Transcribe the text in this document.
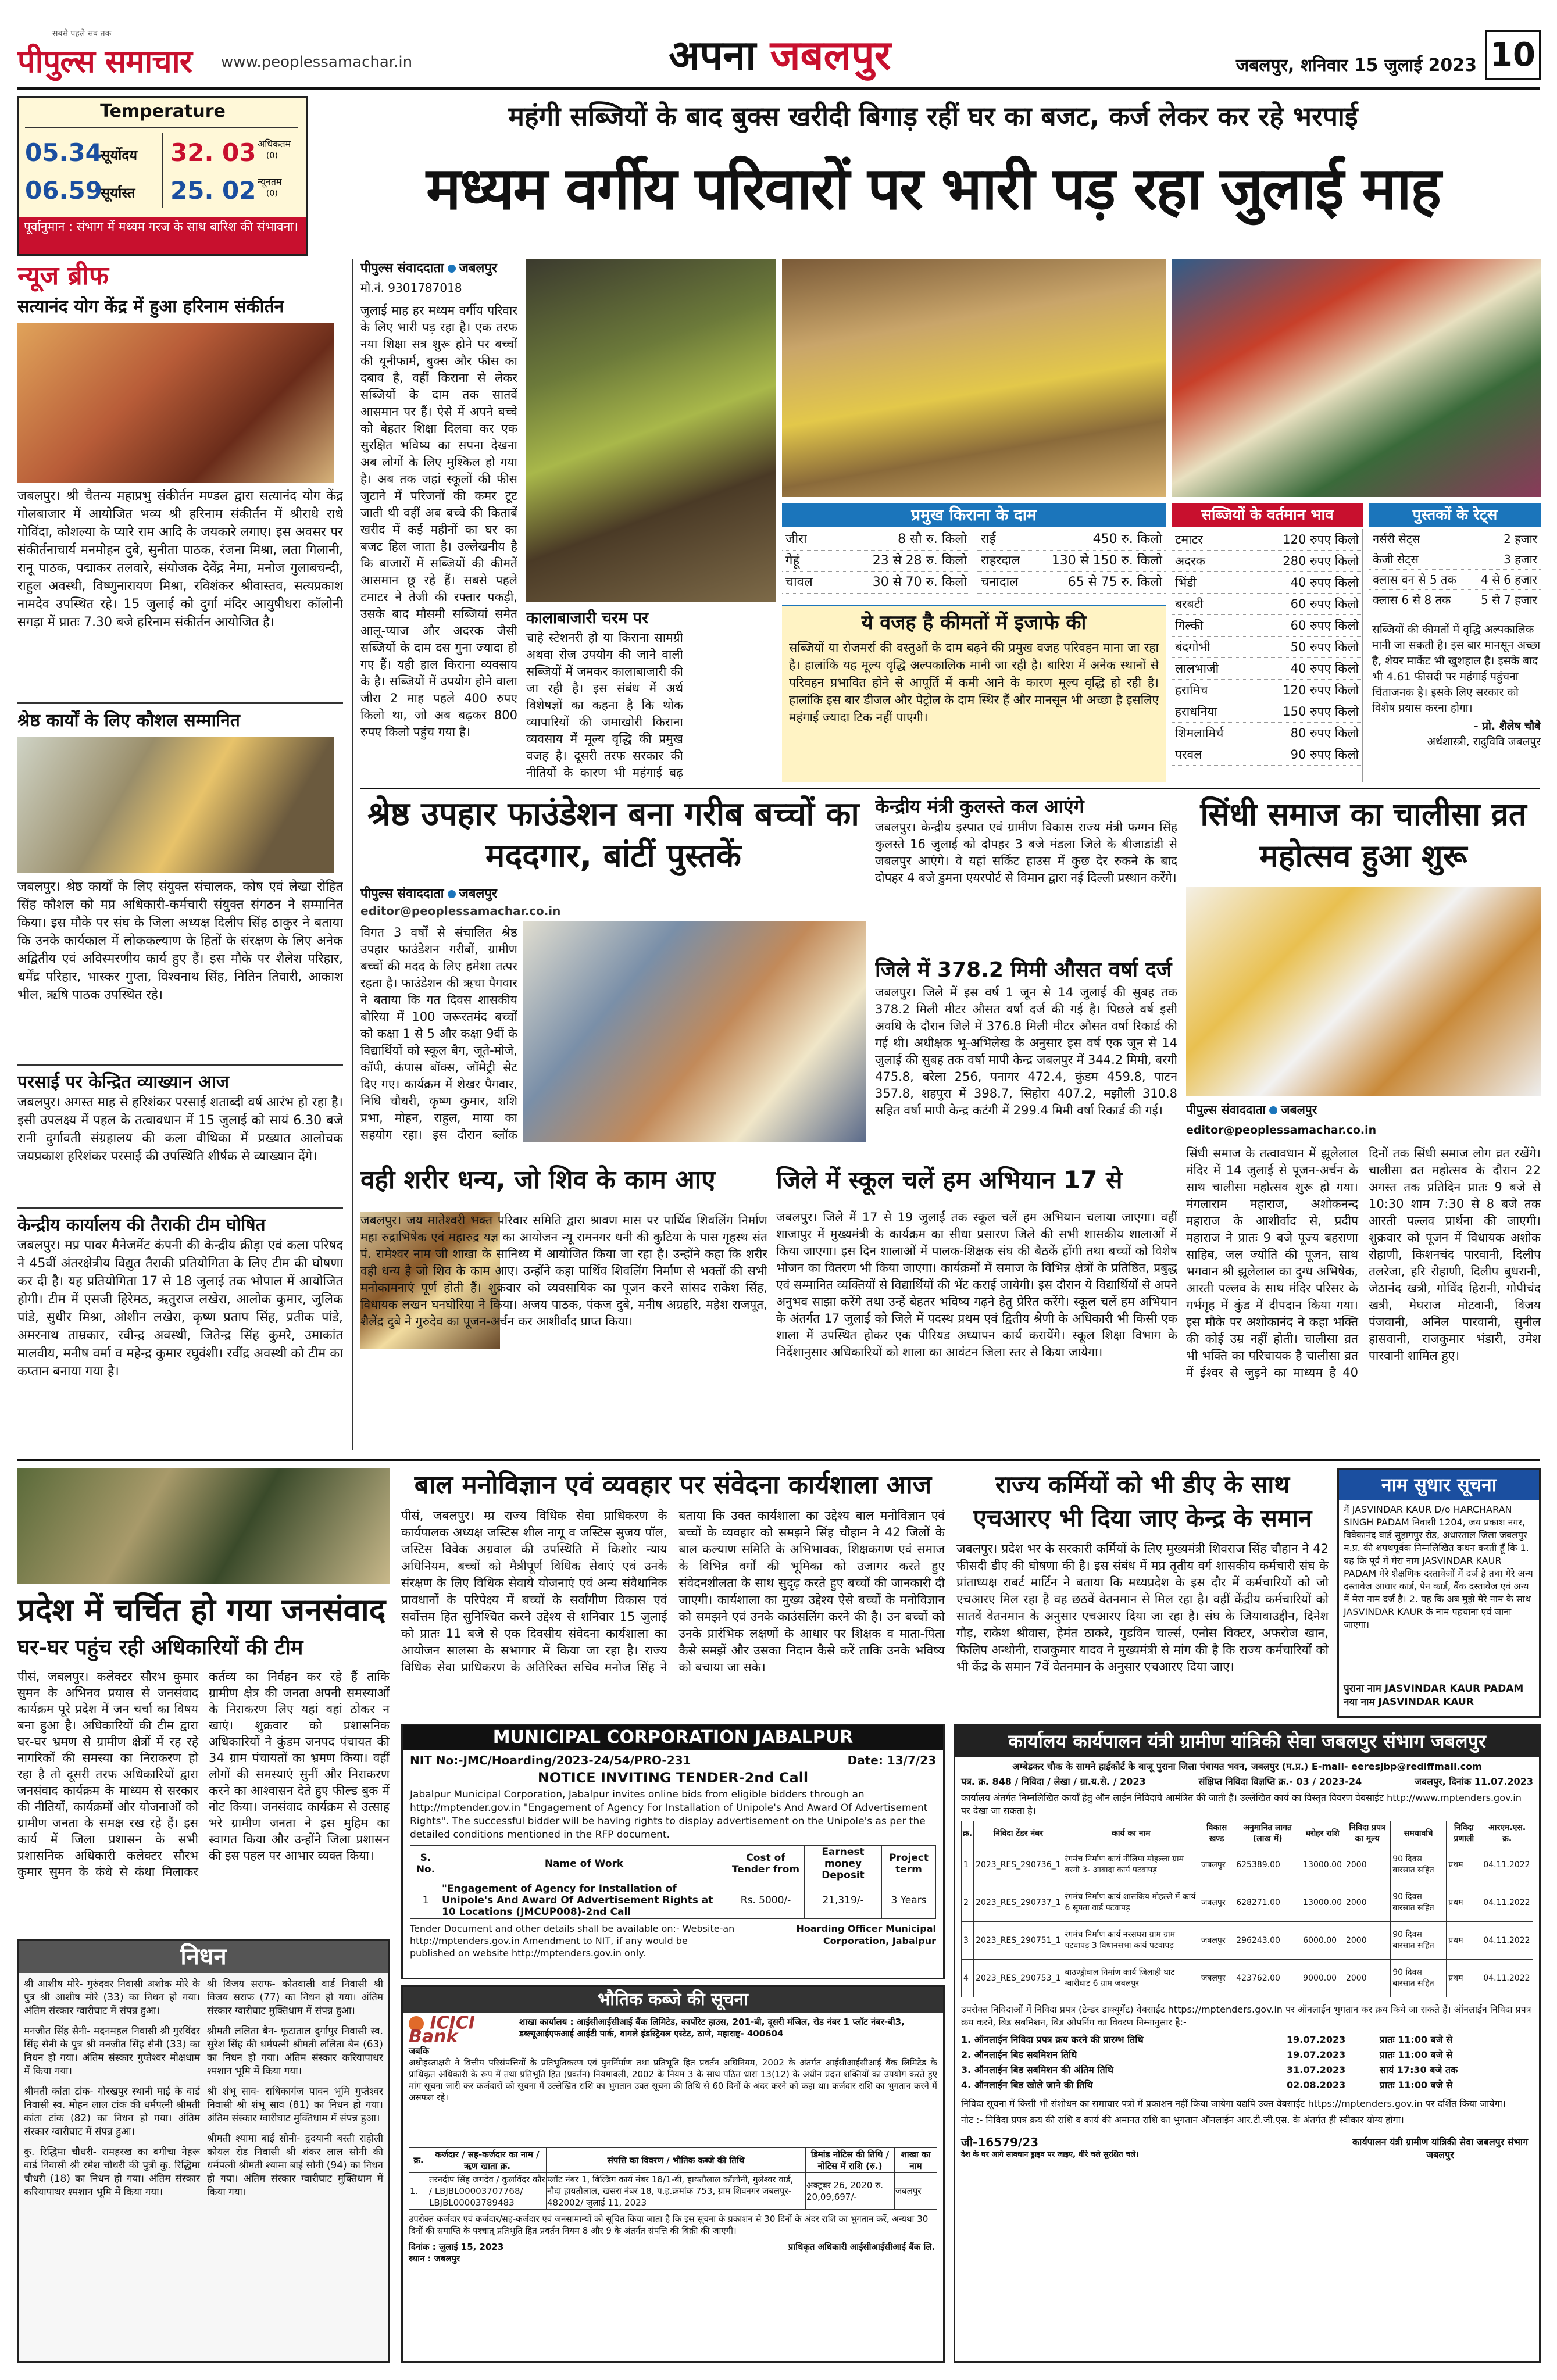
सबसे पहले सब तक
पीपुल्स समाचार www.peoplessamachar.in	अपना जबलपुर	जबलपुर, शनिवार 15 जुलाई 2023 10
Temperature
05.34
सूर्योदय
06.59
सूर्यास्त
32. 03 अधिकतम
(0)
25. 02 न्यूनतम
(0)
पूर्वानुमान : संभाग में मध्यम गरज के साथ बारिश की संभावना।
महंगी सब्जियों के बाद बुक्स खरीदी बिगाड़ रहीं घर का बजट, कर्ज लेकर कर रहे भरपाई
मध्यम वर्गीय परिवारों पर भारी पड़ रहा जुलाई माह
न्यूज ब्रीफ
सत्यानंद योग केंद्र में हुआ हरिनाम संकीर्तन
जबलपुर। श्री चैतन्य महाप्रभु संकीर्तन मण्डल द्वारा सत्यानंद योग केंद्र गोलबाजार में आयोजित भव्य श्री हरिनाम संकीर्तन में श्रीराधे राधे गोविंदा, कोशल्या के प्यारे राम आदि के जयकारे लगाए। इस अवसर पर संकीर्तनाचार्य मनमोहन दुबे, सुनीता पाठक, रंजना मिश्रा, लता गिलानी, रानू पाठक, पद्माकर तलवारे, संयोजक देवेंद्र नेमा, मनोज गुलाबचन्दी, राहुल अवस्थी, विष्णुनारायण मिश्रा, रविशंकर श्रीवास्तव, सत्यप्रकाश नामदेव उपस्थित रहे। 15 जुलाई को दुर्गा मंदिर आयुषीधरा कॉलोनी सगड़ा में प्रातः 7.30 बजे हरिनाम संकीर्तन आयोजित है।
श्रेष्ठ कार्यों के लिए कौशल सम्मानित
जबलपुर। श्रेष्ठ कार्यों के लिए संयुक्त संचालक, कोष एवं लेखा रोहित सिंह कौशल को मप्र अधिकारी-कर्मचारी संयुक्त संगठन ने सम्मानित किया। इस मौके पर संघ के जिला अध्यक्ष दिलीप सिंह ठाकुर ने बताया कि उनके कार्यकाल में लोककल्याण के हितों के संरक्षण के लिए अनेक अद्वितीय एवं अविस्मरणीय कार्य हुए हैं। इस मौके पर शैलेश परिहार, धर्मेंद्र परिहार, भास्कर गुप्ता, विश्वनाथ सिंह, नितिन तिवारी, आकाश भील, ऋषि पाठक उपस्थित रहे।
परसाई पर केन्द्रित व्याख्यान आज
जबलपुर। अगस्त माह से हरिशंकर परसाई शताब्दी वर्ष आरंभ हो रहा है। इसी उपलक्ष्य में पहल के तत्वावधान में 15 जुलाई को सायं 6.30 बजे रानी दुर्गावती संग्रहालय की कला वीथिका में प्रख्यात आलोचक जयप्रकाश हरिशंकर परसाई की उपस्थिति शीर्षक से व्याख्यान देंगे।
केन्द्रीय कार्यालय की तैराकी टीम घोषित
जबलपुर। मप्र पावर मैनेजमेंट कंपनी की केन्द्रीय क्रीड़ा एवं कला परिषद ने 45वीं अंतरक्षेत्रीय विद्युत तैराकी प्रतियोगिता के लिए टीम की घोषणा कर दी है। यह प्रतियोगिता 17 से 18 जुलाई तक भोपाल में आयोजित होगी। टीम में एसजी हिरेमठ, ऋतुराज लखेरा, आलोक कुमार, जुलिक पांडे, सुधीर मिश्रा, ओशीन लखेरा, कृष्ण प्रताप सिंह, प्रतीक पांडे, अमरनाथ ताम्रकार, रवीन्द्र अवस्थी, जितेन्द्र सिंह कुमरे, उमाकांत मालवीय, मनीष वर्मा व महेन्द्र कुमार रघुवंशी। रवींद्र अवस्थी को टीम का कप्तान बनाया गया है।
पीपुल्स संवाददाता जबलपुर
मो.नं. 9301787018
जुलाई माह हर मध्यम वर्गीय परिवार के लिए भारी पड़ रहा है। एक तरफ नया शिक्षा सत्र शुरू होने पर बच्चों की यूनीफार्म, बुक्स और फीस का दबाव है, वहीं किराना से लेकर सब्जियों के दाम तक सातवें आसमान पर हैं। ऐसे में अपने बच्चे को बेहतर शिक्षा दिलवा कर एक सुरक्षित भविष्य का सपना देखना अब लोगों के लिए मुश्किल हो गया है। अब तक जहां स्कूलों की फीस जुटाने में परिजनों की कमर टूट जाती थी वहीं अब बच्चे की किताबें खरीद में कई महीनों का घर का बजट हिल जाता है। उल्लेखनीय है कि बाजारों में सब्जियों की कीमतें आसमान छू रहे हैं। सबसे पहले टमाटर ने तेजी की रफ्तार पकड़ी, उसके बाद मौसमी सब्जियां समेत आलू-प्याज और अदरक जैसी सब्जियों के दाम दस गुना ज्यादा हो गए हैं। यही हाल किराना व्यवसाय के है। सब्जियों में उपयोग होने वाला जीरा 2 माह पहले 400 रुपए किलो था, जो अब बढ़कर 800 रुपए किलो पहुंच गया है।
कालाबाजारी चरम पर
चाहे स्टेशनरी हो या किराना सामग्री अथवा रोज उपयोग की जाने वाली सब्जियों में जमकर कालाबाजारी की जा रही है। इस संबंध में अर्थ विशेषज्ञों का कहना है कि थोक व्यापारियों की जमाखोरी किराना व्यवसाय में मूल्य वृद्धि की प्रमुख वजह है। दूसरी तरफ सरकार की नीतियों के कारण भी महंगाई बढ़
प्रमुख किराना के दाम
जीरा	8 सौ रु. किलो
गेहूं	23 से 28 रु. किलो
चावल	30 से 70 रु. किलो
राई	450 रु. किलो
राहरदाल 130 से 150 रु. किलो
चनादाल	65 से 75 रु. किलो
सब्जियों के वर्तमान भाव
टमाटर	120 रुपए किलो
अदरक	280 रुपए किलो
भिंडी	40 रुपए किलो
बरबटी	60 रुपए किलो
गिल्की	60 रुपए किलो
बंदगोभी	50 रुपए किलो
लालभाजी	40 रुपए किलो
हरामिच	120 रुपए किलो
हराधनिया	150 रुपए किलो
शिमलामिर्च	80 रुपए किलो
परवल	90 रुपए किलो
पुस्तकों के रेट्स
नर्सरी सेट्स	2 हजार
केजी सेट्स	3 हजार
क्लास वन से 5 तक 4 से 6 हजार
क्लास 6 से 8 तक	5 से 7 हजार
सब्जियों की कीमतों में वृद्धि अल्पकालिक मानी जा सकती है। इस बार मानसून अच्छा है, शेयर मार्केट भी खुशहाल है। इसके बाद भी 4.61 फीसदी पर महंगाई पहुंचना चिंताजनक है। इसके लिए सरकार को विशेष प्रयास करना होगा।
- प्रो. शैलेष चौबे
अर्थशास्त्री, रादुविवि जबलपुर
ये वजह है कीमतों में इजाफे की
सब्जियों या रोजमर्रा की वस्तुओं के दाम बढ़ने की प्रमुख वजह परिवहन माना जा रहा है। हालांकि यह मूल्य वृद्धि अल्पकालिक मानी जा रही है। बारिश में अनेक स्थानों से परिवहन प्रभावित होने से आपूर्ति में कमी आने के कारण मूल्य वृद्धि हो रही है। हालांकि इस बार डीजल और पेट्रोल के दाम स्थिर हैं और मानसून भी अच्छा है इसलिए महंगाई ज्यादा टिक नहीं पाएगी।
श्रेष्ठ उपहार फाउंडेशन बना गरीब बच्चों का मददगार, बांटीं पुस्तकें
पीपुल्स संवाददाता जबलपुर
editor@peoplessamachar.co.in
विगत 3 वर्षों से संचालित श्रेष्ठ उपहार फाउंडेशन गरीबों, ग्रामीण बच्चों की मदद के लिए हमेशा तत्पर रहता है। फाउंडेशन की ऋचा पैगवार ने बताया कि गत दिवस शासकीय बोरिया में 100 जरूरतमंद बच्चों को कक्षा 1 से 5 और कक्षा 9वीं के विद्यार्थियों को स्कूल बैग, जूते-मोजे, कॉपी, कंपास बॉक्स, जॉमेट्री सेट दिए गए। कार्यक्रम में शेखर पैगवार, निधि चौधरी, कृष्ण कुमार, शशि प्रभा, मोहन, राहुल, माया का सहयोग रहा। इस दौरान ब्लॉक
वही शरीर धन्य, जो शिव के काम आए
जबलपुर। जय मातेश्वरी भक्त परिवार समिति द्वारा श्रावण मास पर पार्थिव शिवलिंग निर्माण महा रुद्राभिषेक एवं महारुद्र यज्ञ का आयोजन न्यू रामनगर धनी की कुटिया के पास गृहस्थ संत पं. रामेश्वर नाम जी शाखा के सानिध्य में आयोजित किया जा रहा है। उन्होंने कहा कि शरीर वही धन्य है जो शिव के काम आए। उन्होंने कहा पार्थिव शिवलिंग निर्माण से भक्तों की सभी मनोकामनाएं पूर्ण होती हैं। शुक्रवार को व्यवसायिक का पूजन करने सांसद राकेश सिंह, विधायक लखन घनघोरिया ने किया। अजय पाठक, पंकज दुबे, मनीष अग्रहरि, महेश राजपूत, शैलेंद्र दुबे ने गुरुदेव का पूजन-अर्चन कर आशीर्वाद प्राप्त किया।
केन्द्रीय मंत्री कुलस्ते कल आएंगे
जबलपुर। केन्द्रीय इस्पात एवं ग्रामीण विकास राज्य मंत्री फग्गन सिंह कुलस्ते 16 जुलाई को दोपहर 3 बजे मंडला जिले के बीजाडांडी से जबलपुर आएंगे। वे यहां सर्किट हाउस में कुछ देर रुकने के बाद दोपहर 4 बजे डुमना एयरपोर्ट से विमान द्वारा नई दिल्ली प्रस्थान करेंगे।
जिले में 378.2 मिमी औसत वर्षा दर्ज
जबलपुर। जिले में इस वर्ष 1 जून से 14 जुलाई की सुबह तक 378.2 मिली मीटर औसत वर्षा दर्ज की गई है। पिछले वर्ष इसी अवधि के दौरान जिले में 376.8 मिली मीटर औसत वर्षा रिकार्ड की गई थी। अधीक्षक भू-अभिलेख के अनुसार इस वर्ष एक जून से 14 जुलाई की सुबह तक वर्षा मापी केन्द्र जबलपुर में 344.2 मिमी, बरगी 475.8, बरेला 256, पनागर 472.4, कुंडम 459.8, पाटन 357.8, शहपुरा में 398.7, सिहोरा 407.2, मझौली 310.8 सहित वर्षा मापी केन्द्र कटंगी में 299.4 मिमी वर्षा रिकार्ड की गई।
जिले में स्कूल चलें हम अभियान 17 से
जबलपुर। जिले में 17 से 19 जुलाई तक स्कूल चलें हम अभियान चलाया जाएगा। वहीं शाजापुर में मुख्यमंत्री के कार्यक्रम का सीधा प्रसारण जिले की सभी शासकीय शालाओं में किया जाएगा। इस दिन शालाओं में पालक-शिक्षक संघ की बैठकें होंगी तथा बच्चों को विशेष भोजन का वितरण भी किया जाएगा। कार्यक्रमों में समाज के विभिन्न क्षेत्रों के प्रतिष्ठित, प्रबुद्ध एवं सम्मानित व्यक्तियों से विद्यार्थियों की भेंट कराई जायेगी। इस दौरान ये विद्यार्थियों से अपने अनुभव साझा करेंगे तथा उन्हें बेहतर भविष्य गढ़ने हेतु प्रेरित करेंगे। स्कूल चलें हम अभियान के अंतर्गत 17 जुलाई को जिले में पदस्थ प्रथम एवं द्वितीय श्रेणी के अधिकारी भी किसी एक शाला में उपस्थित होकर एक पीरियड अध्यापन कार्य करायेंगे। स्कूल शिक्षा विभाग के निर्देशानुसार अधिकारियों को शाला का आवंटन जिला स्तर से किया जायेगा।
सिंधी समाज का चालीसा व्रत महोत्सव हुआ शुरू
पीपुल्स संवाददाता जबलपुर
editor@peoplessamachar.co.in
सिंधी समाज के तत्वावधान में झूलेलाल मंदिर में 14 जुलाई से पूजन-अर्चन के साथ चालीसा महोत्सव शुरू हो गया। मंगलाराम महाराज, अशोकनन्द महाराज के आशीर्वाद से, प्रदीप महाराज ने प्रातः 9 बजे पूज्य बहराणा साहिब, जल ज्योति की पूजन, साथ भगवान श्री झूलेलाल का दुग्ध अभिषेक, आरती पल्लव के साथ मंदिर परिसर के गर्भगृह में कुंड में दीपदान किया गया। इस मौके पर अशोकानंद ने कहा भक्ति की कोई उम्र नहीं होती। चालीसा व्रत भी भक्ति का परिचायक है चालीसा व्रत में ईश्वर से जुड़ने का माध्यम है 40 दिनों तक सिंधी समाज लोग व्रत रखेंगे। चालीसा व्रत महोत्सव के दौरान 22 अगस्त तक प्रतिदिन प्रातः 9 बजे से 10:30 शाम 7:30 से 8 बजे तक आरती पल्लव प्रार्थना की जाएगी। शुक्रवार को पूजन में विधायक अशोक रोहाणी, किशनचंद पारवानी, दिलीप तलरेजा, हरि रोहाणी, दिलीप बुधरानी, जेठानंद खत्री, गोविंद हिरानी, गोपीचंद खत्री, मेघराज मोटवानी, विजय पंजवानी, अनिल पारवानी, सुनील हासवानी, राजकुमार भंडारी, उमेश पारवानी शामिल हुए।
प्रदेश में चर्चित हो गया जनसंवाद
घर-घर पहुंच रही अधिकारियों की टीम
पीसं, जबलपुर। कलेक्टर सौरभ कुमार सुमन के अभिनव प्रयास से जनसंवाद कार्यक्रम पूरे प्रदेश में जन चर्चा का विषय बना हुआ है। अधिकारियों की टीम द्वारा घर-घर भ्रमण से ग्रामीण क्षेत्रों में रह रहे नागरिकों की समस्या का निराकरण हो रहा है तो दूसरी तरफ अधिकारियों द्वारा जनसंवाद कार्यक्रम के माध्यम से सरकार की नीतियों, कार्यक्रमों और योजनाओं को ग्रामीण जनता के समक्ष रख रहे हैं। इस कार्य में जिला प्रशासन के सभी प्रशासनिक अधिकारी कलेक्टर सौरभ कुमार सुमन के कंधे से कंधा मिलाकर कर्तव्य का निर्वहन कर रहे हैं ताकि ग्रामीण क्षेत्र की जनता अपनी समस्याओं के निराकरण लिए यहां वहां ठोकर न खाएं। शुक्रवार को प्रशासनिक अधिकारियों ने कुंडम जनपद पंचायत की 34 ग्राम पंचायतों का भ्रमण किया। वहीं लोगों की समस्याएं सुनीं और निराकरण करने का आश्वासन देते हुए फील्ड बुक में नोट किया। जनसंवाद कार्यक्रम से उत्साह भरे ग्रामीण जनता ने इस मुहिम का स्वागत किया और उन्होंने जिला प्रशासन की इस पहल पर आभार व्यक्त किया।
बाल मनोविज्ञान एवं व्यवहार पर संवेदना कार्यशाला आज
पीसं, जबलपुर। म्प्र राज्य विधिक सेवा प्राधिकरण के कार्यपालक अध्यक्ष जस्टिस शील नागू व जस्टिस सुजय पॉल, जस्टिस विवेक अग्रवाल की उपस्थिति में किशोर न्याय अधिनियम, बच्चों को मैत्रीपूर्ण विधिक सेवाएं एवं उनके संरक्षण के लिए विधिक सेवाये योजनाएं एवं अन्य संवैधानिक प्रावधानों के परिपेक्ष्य में बच्चों के सर्वांगीण विकास एवं सर्वोत्तम हित सुनिश्चित करने उद्देश्य से शनिवार 15 जुलाई को प्रातः 11 बजे से एक दिवसीय संवेदना कार्यशाला का आयोजन सालसा के सभागार में किया जा रहा है। राज्य विधिक सेवा प्राधिकरण के अतिरिक्त सचिव मनोज सिंह ने बताया कि उक्त कार्यशाला का उद्देश्य बाल मनोविज्ञान एवं बच्चों के व्यवहार को समझने सिंह चौहान ने 42 जिलों के बाल कल्याण समिति के अभिभावक, शिक्षकगण एवं समाज के विभिन्न वर्गों की भूमिका को उजागर करते हुए संवेदनशीलता के साथ सुदृढ़ करते हुए बच्चों की जानकारी दी जाएगी। कार्यशाला का मुख्य उद्देश्य ऐसे बच्चों के मनोविज्ञान को समझने एवं उनके काउंसलिंग करने की है। उन बच्चों को उनके प्रारंभिक लक्षणों के आधार पर शिक्षक व माता-पिता कैसे समझें और उसका निदान कैसे करें ताकि उनके भविष्य को बचाया जा सके।
राज्य कर्मियों को भी डीए के साथ एचआरए भी दिया जाए केन्द्र के समान
जबलपुर। प्रदेश भर के सरकारी कर्मियों के लिए मुख्यमंत्री शिवराज सिंह चौहान ने 42 फीसदी डीए की घोषणा की है। इस संबंध में मप्र तृतीय वर्ग शासकीय कर्मचारी संघ के प्रांताध्यक्ष राबर्ट मार्टिन ने बताया कि मध्यप्रदेश के इस दौर में कर्मचारियों को जो एचआरए मिल रहा है वह छठवें वेतनमान से मिल रहा है। वहीं केंद्रीय कर्मचारियों को सातवें वेतनमान के अनुसार एचआरए दिया जा रहा है। संघ के जियावाउद्दीन, दिनेश गौड़, राकेश श्रीवास, हेमंत ठाकरे, गुडविन चार्ल्स, एनोस विक्टर, अफरोज खान, फिलिप अन्थोनी, राजकुमार यादव ने मुख्यमंत्री से मांग की है कि राज्य कर्मचारियों को भी केंद्र के समान 7वें वेतनमान के अनुसार एचआरए दिया जाए।
नाम सुधार सूचना
मैं JASVINDAR KAUR D/o HARCHARAN SINGH PADAM निवासी 1204, जय प्रकाश नगर, विवेकानंद वार्ड सुहागपुर रोड, अधारताल जिला जबलपुर म.प्र. की शपथपूर्वक निम्नलिखित कथन करती हूँ कि 1. यह कि पूर्व में मेरा नाम JASVINDAR KAUR PADAM मेरे शैक्षणिक दस्तावेजों में दर्ज है तथा मेरे अन्य दस्तावेज आधार कार्ड, पेन कार्ड, बैंक दस्तावेज एवं अन्य में मेरा नाम दर्ज है। 2. यह कि अब मुझे मेरे नाम के साथ JASVINDAR KAUR के नाम पहचाना एवं जाना जाएगा।
पुराना नाम JASVINDAR KAUR PADAM
नया नाम JASVINDAR KAUR
MUNICIPAL CORPORATION JABALPUR
NIT No:-JMC/Hoarding/2023-24/54/PRO-231	Date: 13/7/23
NOTICE INVITING TENDER-2nd Call
Jabalpur Municipal Corporation, Jabalpur invites online bids from eligible bidders through an http://mptender.gov.in "Engagement of Agency For Installation of Unipole's And Award Of Advertisement Rights". The successful bidder will be having rights to display advertisement on the Unipole's as per the detailed conditions mentioned in the RFP document.
S. No.	Name of Work	Cost of Tender from	Earnest money Deposit	Project term
1	"Engagement of Agency for Installation of Unipole's And Award Of Advertisement Rights at 10 Locations (JMCUP008)-2nd Call	Rs. 5000/-	21,319/-	3 Years
Tender Document and other details shall be available on:- Website-an http://mptenders.gov.in Amendment to NIT, if any would be published on website http://mptenders.gov.in only.
Hoarding Officer Municipal Corporation, Jabalpur
भौतिक कब्जे की सूचना
ICICI Bank
शाखा कार्यालय : आईसीआईसीआई बैंक लिमिटेड, कार्पोरेट हाउस, 201-बी, दूसरी मंजिल, रोड नंबर 1 प्लॉट नंबर-बी3, डब्ल्यूआईएफआई आईटी पार्क, वागले इंडस्ट्रियल एस्टेट, ठाणे, महाराष्ट्र- 400604
जबकि
अधोहस्ताक्षरी ने वित्तीय परिसंपत्तियों के प्रतिभूतिकरण एवं पुनर्निर्माण तथा प्रतिभूति हित प्रवर्तन अधिनियम, 2002 के अंतर्गत आईसीआईसीआई बैंक लिमिटेड के प्राधिकृत अधिकारी के रूप में तथा प्रतिभूति हित (प्रवर्तन) नियमावली, 2002 के नियम 3 के साथ पठित धारा 13(12) के अधीन प्रदत्त शक्तियों का उपयोग करते हुए मांग सूचना जारी कर कर्जदारों को सूचना में उल्लेखित राशि का भुगतान उक्त सूचना की तिथि से 60 दिनों के अंदर करने को कहा था। कर्जदार राशि का भुगतान करने में असफल रहे।
क्र.	कर्जदार / सह-कर्जदार का नाम / ऋण खाता क्र.	संपत्ति का विवरण / भौतिक कब्जे की तिथि	डिमांड नोटिस की तिथि / नोटिस में राशि (रु.)	शाखा का नाम
1.	तरनदीप सिंह जगदेव / कुलविंदर कौर / LBJBL00003707768/ LBJBL00003789483	प्लॉट नंबर 1, बिल्डिंग कार्य नंबर 18/1-बी, हायतौलाल कॉलोनी, गुलेश्वर वार्ड, नौदा हायतौलाल, खसरा नंबर 18, प.ह.क्रमांक 753, ग्राम शिवनगर जबलपुर- 482002/ जुलाई 11, 2023	अक्टूबर 26, 2020 रु. 20,09,697/-	जबलपुर
उपरोक्त कर्जदार एवं कर्जदार/सह-कर्जदार एवं जनसामान्यों को सूचित किया जाता है कि इस सूचना के प्रकाशन से 30 दिनों के अंदर राशि का भुगतान करें, अन्यथा 30 दिनों की समाप्ति के पश्चात् प्रतिभूति हित प्रवर्तन नियम 8 और 9 के अंतर्गत संपत्ति की बिक्री की जाएगी।
दिनांक : जुलाई 15, 2023
स्थान : जबलपुर
प्राधिकृत अधिकारी आईसीआईसीआई बैंक लि.
निधन
श्री आशीष मोरे- गुरुंदवर निवासी अशोक मोरे के पुत्र श्री आशीष मोरे (33) का निधन हो गया। अंतिम संस्कार ग्वारीघाट में संपन्न हुआ।
मनजीत सिंह सैनी- मदनमहल निवासी श्री गुरविंदर सिंह सैनी के पुत्र श्री मनजीत सिंह सैनी (33) का निधन हो गया। अंतिम संस्कार गुप्तेश्वर मोक्षधाम में किया गया।
श्रीमती कांता टांक- गोरखपुर स्थानी माई के वार्ड निवासी स्व. मोहन लाल टांक की धर्मपत्नी श्रीमती कांता टांक (82) का निधन हो गया। अंतिम संस्कार ग्वारीघाट में संपन्न हुआ।
कु. रिद्धिमा चौधरी- रामहरख का बगीचा नेहरू वार्ड निवासी श्री रमेश चौधरी की पुत्री कु. रिद्धिमा चौधरी (18) का निधन हो गया। अंतिम संस्कार करियापाथर श्मशान भूमि में किया गया।
श्री विजय सराफ- कोतवाली वार्ड निवासी श्री विजय सराफ (77) का निधन हो गया। अंतिम संस्कार ग्वारीघाट मुक्तिधाम में संपन्न हुआ।
श्रीमती ललिता बैन- फूटाताल दुर्गापुर निवासी स्व. सुरेश सिंह की धर्मपत्नी श्रीमती ललिता बैन (63) का निधन हो गया। अंतिम संस्कार करियापाथर श्मशान भूमि में किया गया।
श्री शंभू साव- राधिकागंज पावन भूमि गुप्तेश्वर निवासी श्री शंभू साव (81) का निधन हो गया। अंतिम संस्कार ग्वारीघाट मुक्तिधाम में संपन्न हुआ।
श्रीमती श्यामा बाई सोनी- हृदयानी बस्ती राहोली कोयल रोड निवासी श्री शंकर लाल सोनी की धर्मपत्नी श्रीमती श्यामा बाई सोनी (94) का निधन हो गया। अंतिम संस्कार ग्वारीघाट मुक्तिधाम में किया गया।
कार्यालय कार्यपालन यंत्री ग्रामीण यांत्रिकी सेवा जबलपुर संभाग जबलपुर
अम्बेडकर चौक के सामने हाईकोर्ट के बाजू पुराना जिला पंचायत भवन, जबलपुर (म.प्र.) E-mail- eeresjbp@rediffmail.com
पत्र. क्र. 848 / निविदा / लेखा / ग्रा.य.से. / 2023	संक्षिप्त निविदा विज्ञप्ति क्र.- 03 / 2023-24	जबलपुर, दिनांक 11.07.2023
कार्यालय अंतर्गत निम्नलिखित कार्यों हेतु ऑन लाईन निविदाये आमंत्रित की जाती हैं। उल्लेखित कार्य का विस्तृत विवरण वेबसाईट http://www.mptenders.gov.in पर देखा जा सकता है।
क्र.	निविदा टेंडर नंबर	कार्य का नाम	विकास खण्ड	अनुमानित लागत (लाख में)	धरोहर राशि	निविदा प्रपत्र का मूल्य	समयावधि	निविदा प्रणाली	आरएम.एस. क्र.
1	2023_RES_290736_1	रंगमंच निर्माण कार्य नीलिमा मोहल्ला ग्राम बरगी 3- आबादा कार्य पटवापड़	जबलपुर	625389.00	13000.00	2000	90 दिवस बारसात सहित	प्रथम	04.11.2022
2	2023_RES_290737_1	रंगमंच निर्माण कार्य शासकिय मोहल्ले में कार्य 6 सूपता वार्ड पटवापड़	जबलपुर	628271.00	13000.00	2000	90 दिवस बारसात सहित	प्रथम	04.11.2022
3	2023_RES_290751_1	रंगमंच निर्माण कार्य नरसघरा ग्राम ग्राम पटवापड़ 3 विधानसभा कार्य पटवापड़	जबलपुर	296243.00	6000.00	2000	90 दिवस बारसात सहित	प्रथम	04.11.2022
4	2023_RES_290753_1	बाउण्ड्रीवाल निर्माण कार्य जिलाही घाट ग्वारीघाट 6 ग्राम जबलपुर	जबलपुर	423762.00	9000.00	2000	90 दिवस बारसात सहित	प्रथम	04.11.2022
उपरोक्त निविदाओं में निविदा प्रपत्र (टेन्डर डाक्यूमेंट) वेबसाईट https://mptenders.gov.in पर ऑनलाईन भुगतान कर क्रय किये जा सकते हैं। ऑनलाईन निविदा प्रपत्र क्रय करने, बिड सबमिशन, बिड ओपनिंग का विवरण निम्नानुसार है:-
1. ऑनलाईन निविदा प्रपत्र क्रय करने की प्रारम्भ तिथि	19.07.2023	प्रातः 11:00 बजे से
2. ऑनलाईन बिड सबमिशन तिथि	19.07.2023	प्रातः 11:00 बजे से
3. ऑनलाईन बिड सबमिशन की अंतिम तिथि	31.07.2023	सायं 17:30 बजे तक
4. ऑनलाईन बिड खोले जाने की तिथि	02.08.2023	प्रातः 11:00 बजे से
निविदा सूचना में किसी भी संशोधन का समाचार पत्रों में प्रकाशन नहीं किया जायेगा यद्यपि उक्त वेबसाईट https://mptenders.gov.in पर दर्शित किया जायेगा।
नोट :- निविदा प्रपत्र क्रय की राशि व कार्य की अमानत राशि का भुगतान ऑनलाईन आर.टी.जी.एस. के अंतर्गत ही स्वीकार योग्य होगा।
जी-16579/23
देश के घर आगे सावधान ड्राइव पर जाइए, धीरे चले सुरक्षित चले।
कार्यपालन यंत्री ग्रामीण यांत्रिकी सेवा जबलपुर संभाग जबलपुर
